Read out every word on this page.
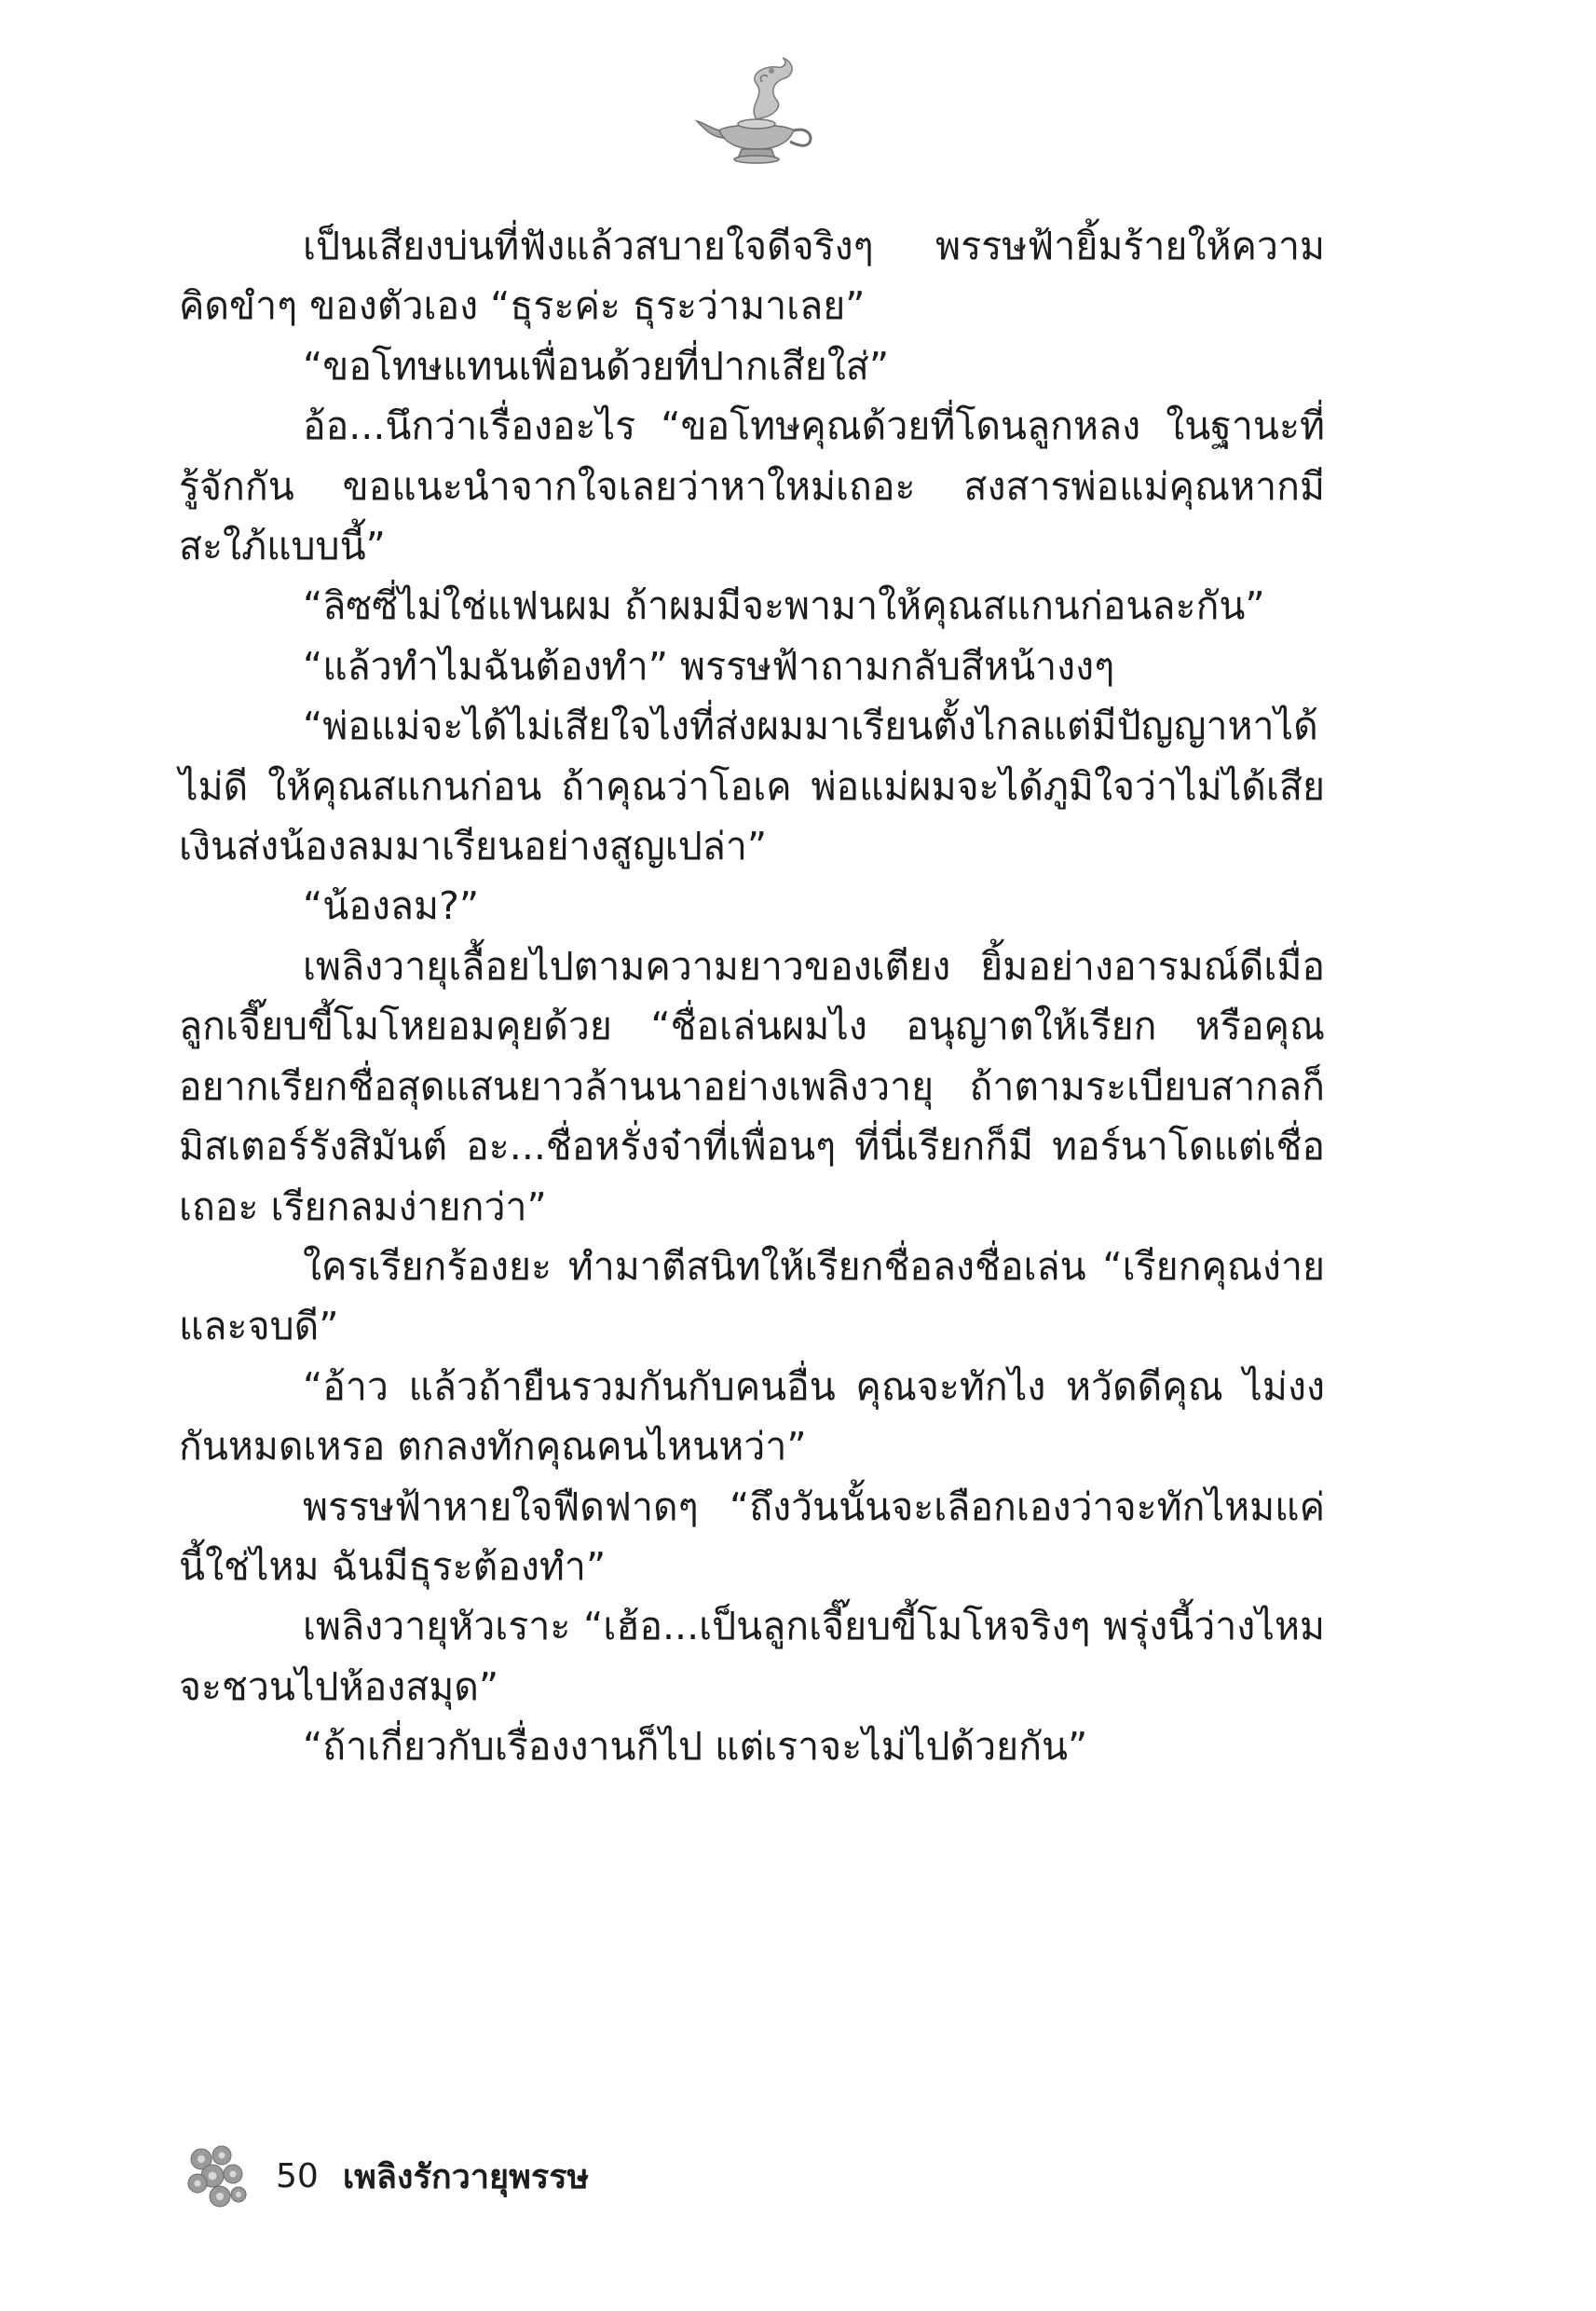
เป็นเสียงบ่นที่ฟังแล้วสบายใจดีจริงๆ พรรษฟ้ายิ้มร้ายให้ความคิดขำๆ ของตัวเอง “ธุระค่ะ ธุระว่ามาเลย”

“ขอโทษแทนเพื่อนด้วยที่ปากเสียใส่”

อ้อ...นึกว่าเรื่องอะไร “ขอโทษคุณด้วยที่โดนลูกหลง ในฐานะที่รู้จักกัน ขอแนะนำจากใจเลยว่าหาใหม่เถอะ สงสารพ่อแม่คุณหากมีสะใภ้แบบนี้”

“ลิซซี่ไม่ใช่แฟนผม ถ้าผมมีจะพามาให้คุณสแกนก่อนละกัน”

“แล้วทำไมฉันต้องทำ” พรรษฟ้าถามกลับสีหน้างงๆ

“พ่อแม่จะได้ไม่เสียใจไงที่ส่งผมมาเรียนตั้งไกลแต่มีปัญญาหาได้ไม่ดี ให้คุณสแกนก่อน ถ้าคุณว่าโอเค พ่อแม่ผมจะได้ภูมิใจว่าไม่ได้เสียเงินส่งน้องลมมาเรียนอย่างสูญเปล่า”

“น้องลม?”

เพลิงวายุเลื้อยไปตามความยาวของเตียง ยิ้มอย่างอารมณ์ดีเมื่อลูกเจี๊ยบขี้โมโหยอมคุยด้วย “ชื่อเล่นผมไง อนุญาตให้เรียก หรือคุณอยากเรียกชื่อสุดแสนยาวล้านนาอย่างเพลิงวายุ ถ้าตามระเบียบสากลก็มิสเตอร์รังสิมันต์ อะ...ชื่อหรั่งจ๋าที่เพื่อนๆ ที่นี่เรียกก็มี ทอร์นาโดแต่เชื่อเถอะ เรียกลมง่ายกว่า”

ใครเรียกร้องยะ ทำมาตีสนิทให้เรียกชื่อลงชื่อเล่น “เรียกคุณง่ายและจบดี”

“อ้าว แล้วถ้ายืนรวมกันกับคนอื่น คุณจะทักไง หวัดดีคุณ ไม่งงกันหมดเหรอ ตกลงทักคุณคนไหนหว่า”

พรรษฟ้าหายใจฟืดฟาดๆ “ถึงวันนั้นจะเลือกเองว่าจะทักไหมแค่นี้ใช่ไหม ฉันมีธุระต้องทำ”

เพลิงวายุหัวเราะ “เฮ้อ...เป็นลูกเจี๊ยบขี้โมโหจริงๆ พรุ่งนี้ว่างไหมจะชวนไปห้องสมุด”

“ถ้าเกี่ยวกับเรื่องงานก็ไป แต่เราจะไม่ไปด้วยกัน”

50 เพลิงรักวายุพรรษ
